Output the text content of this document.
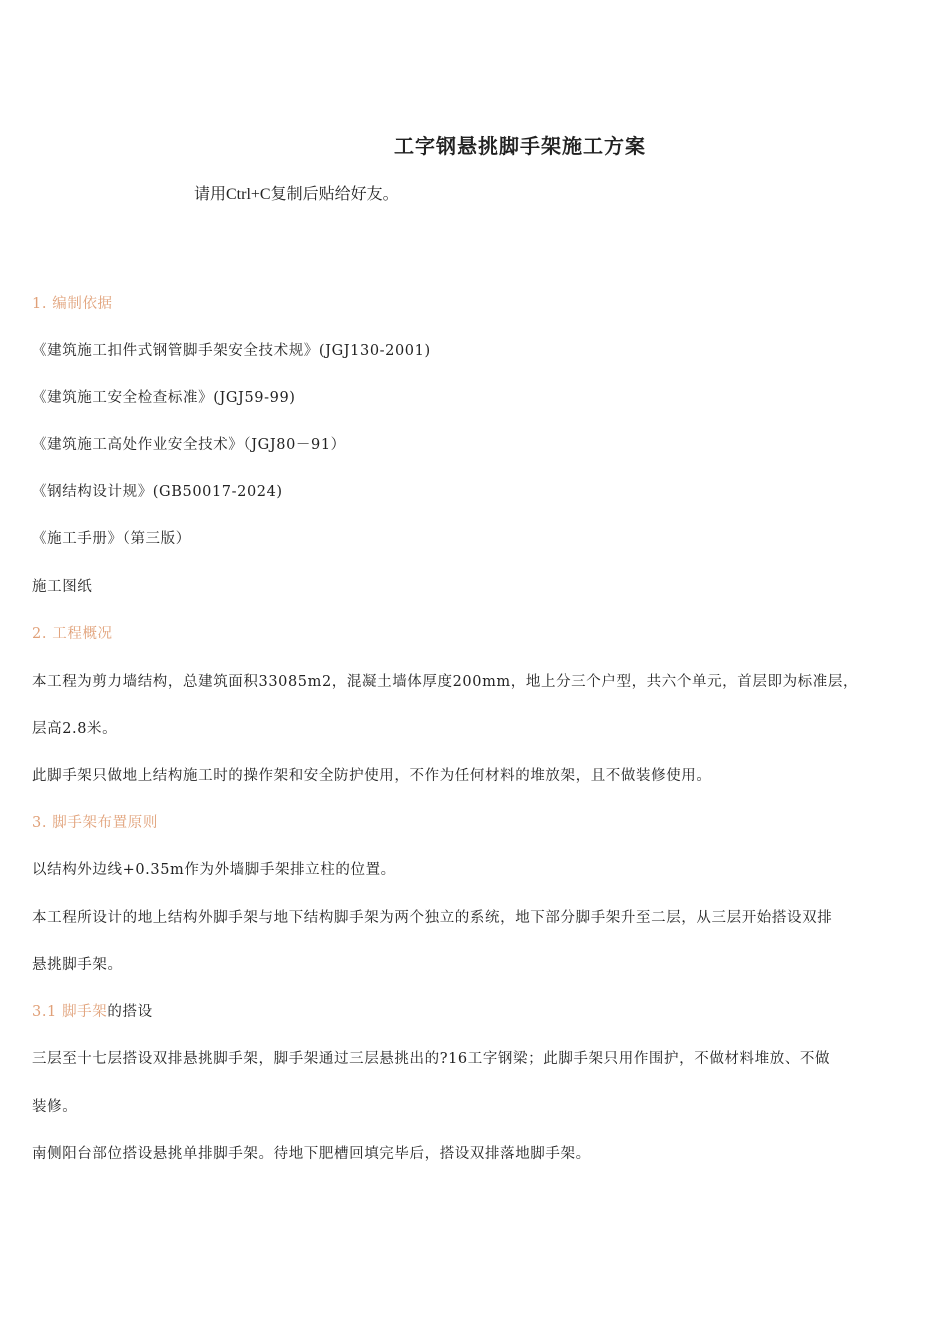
工字钢悬挑脚手架施工方案
请用Ctrl+C复制后贴给好友。
1. 编制依据
《建筑施工扣件式钢管脚手架安全技术规》(JGJ130-2001)
《建筑施工安全检查标准》(JGJ59-99)
《建筑施工高处作业安全技术》（JGJ80－91）
《钢结构设计规》(GB50017-2024)
《施工手册》（第三版）
施工图纸
2. 工程概况
本工程为剪力墙结构，总建筑面积33085m2，混凝土墙体厚度200mm，地上分三个户型，共六个单元，首层即为标准层，
层高2.8米。
此脚手架只做地上结构施工时的操作架和安全防护使用，不作为任何材料的堆放架，且不做装修使用。
3. 脚手架布置原则
以结构外边线+0.35m作为外墙脚手架排立柱的位置。
本工程所设计的地上结构外脚手架与地下结构脚手架为两个独立的系统，地下部分脚手架升至二层，从三层开始搭设双排
悬挑脚手架。
3.1 脚手架的搭设
三层至十七层搭设双排悬挑脚手架，脚手架通过三层悬挑出的?16工字钢梁；此脚手架只用作围护，不做材料堆放、不做
装修。
南侧阳台部位搭设悬挑单排脚手架。待地下肥槽回填完毕后，搭设双排落地脚手架。
